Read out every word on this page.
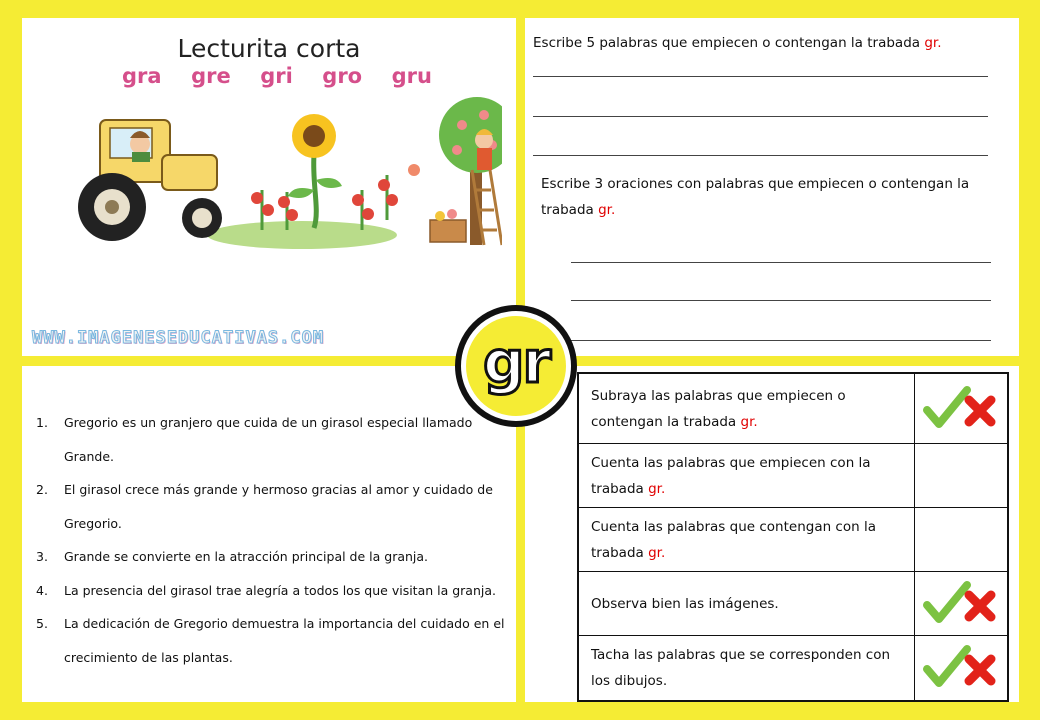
Lecturita corta
gra gre gri gro gru
WWW.IMAGENESEDUCATIVAS.COM
Escribe 5 palabras que empiecen o contengan la trabada gr.
Escribe 3 oraciones con palabras que empiecen o contengan la trabada gr.
1.	Gregorio es un granjero que cuida de un girasol especial llamado Grande.
2.	El girasol crece más grande y hermoso gracias al amor y cuidado de Gregorio.
3.	Grande se convierte en la atracción principal de la granja.
4.	La presencia del girasol trae alegría a todos los que visitan la granja.
5.	La dedicación de Gregorio demuestra la importancia del cuidado en el crecimiento de las plantas.
Subraya las palabras que empiecen o contengan la trabada gr.
Cuenta las palabras que empiecen con la trabada gr.
Cuenta las palabras que contengan con la trabada gr.
Observa bien las imágenes.
Tacha las palabras que se corresponden con los dibujos.
gr
